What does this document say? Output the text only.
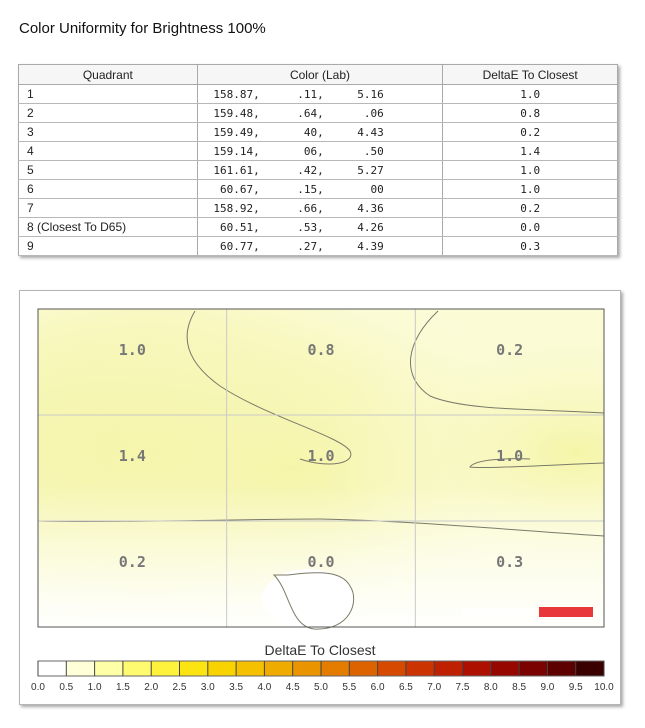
Color Uniformity for Brightness 100%
Quadrant	Color (Lab)	DeltaE To Closest
1	158.87, .11, 5.16	1.0
2	159.48, .64, .06	0.8
3	159.49, 40, 4.43	0.2
4	159.14, 06, .50	1.4
5	161.61, .42, 5.27	1.0
6	60.67, .15, 00	1.0
7	158.92, .66, 4.36	0.2
8 (Closest To D65)	60.51, .53, 4.26	0.0
9	60.77, .27, 4.39	0.3
1.0	0.8	0.2
1.4	1.0	1.0
0.2	0.0	0.3
DeltaE To Closest
0.0 0.5 1.0 1.5 2.0 2.5 3.0 3.5 4.0 4.5 5.0 5.5 6.0 6.5 7.0 7.5 8.0 8.5 9.0 9.5 10.0
